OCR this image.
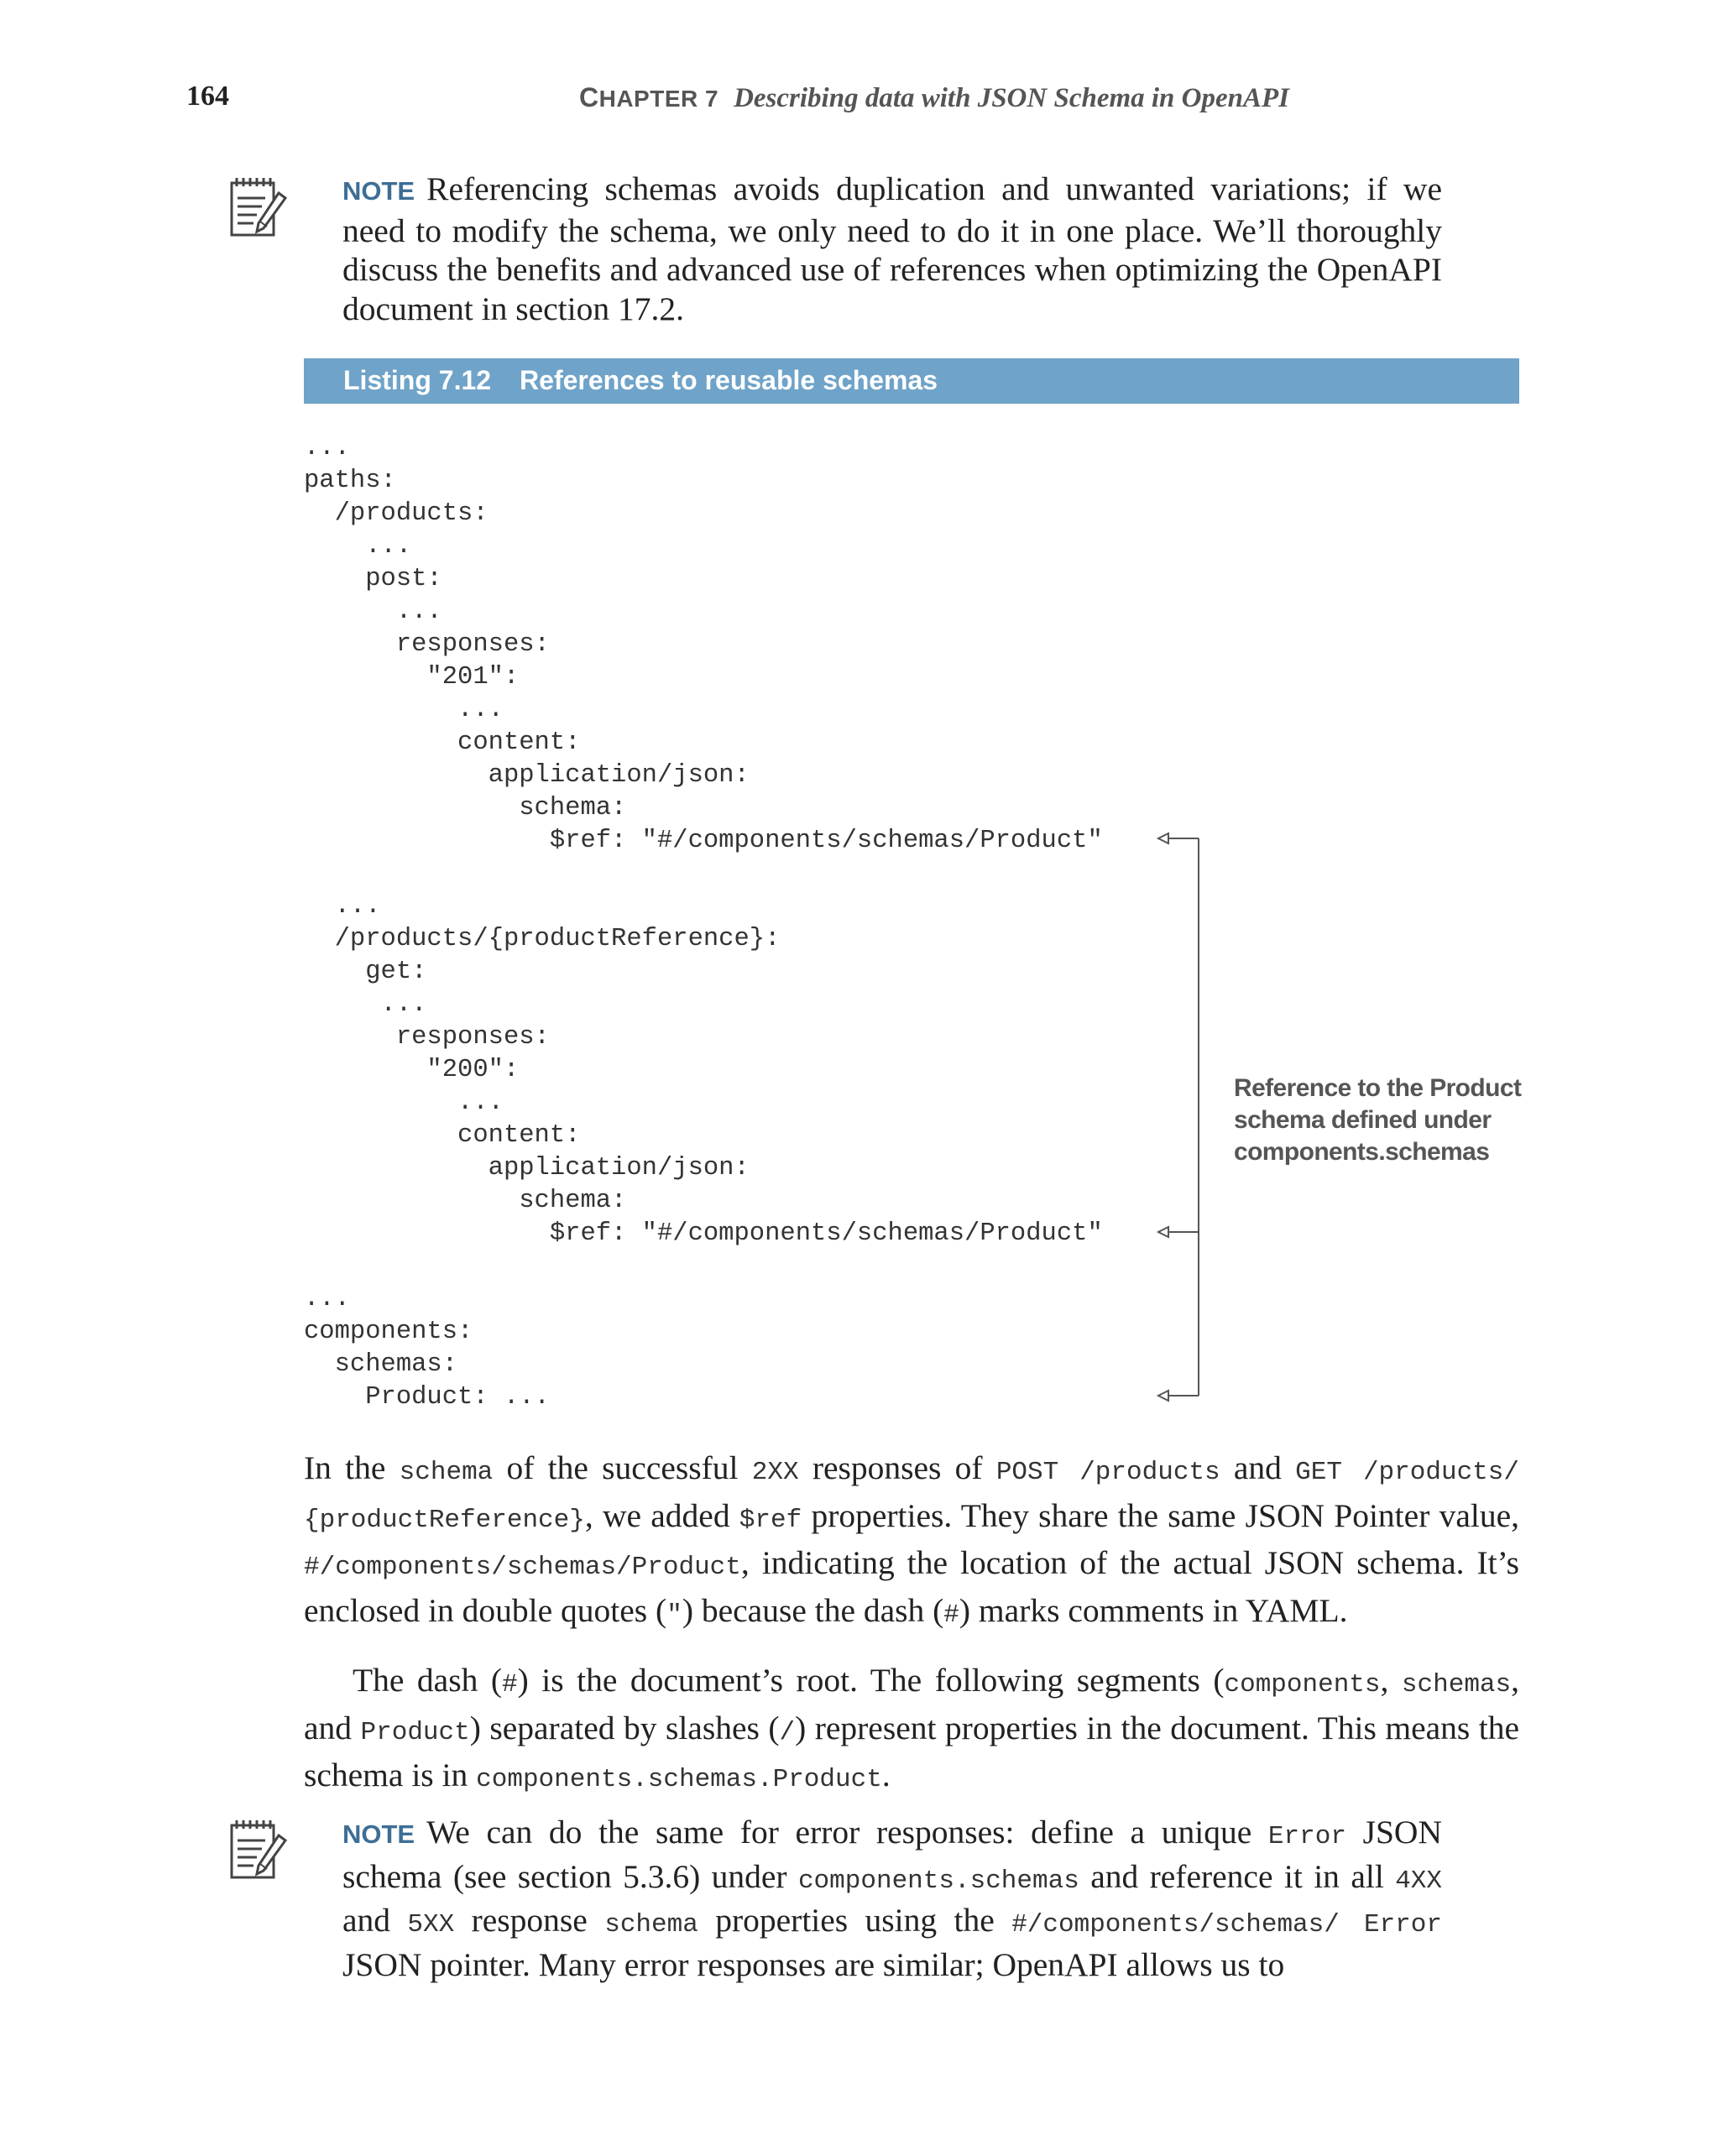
164	CHAPTER 7 Describing data with JSON Schema in OpenAPI
NOTE Referencing schemas avoids duplication and unwanted variations; if we need to modify the schema, we only need to do it in one place. We’ll thoroughly discuss the benefits and advanced use of references when optimizing the OpenAPI document in section 17.2.
Listing 7.12 References to reusable schemas
...
paths:
/products:
...
post:
...
responses:
"201":
...
content:
application/json:
schema:
$ref: "#/components/schemas/Product"
...
/products/{productReference}:
get:
...
responses:
"200":
...
content:
application/json:
schema:
$ref: "#/components/schemas/Product"
...
components:
schemas:
Product: ...
Reference to the Product
schema defined under
components.schemas
In the schema of the successful 2XX responses of POST /products and GET /products/ {productReference}, we added $ref properties. They share the same JSON Pointer value, #/components/schemas/Product, indicating the location of the actual JSON schema. It’s enclosed in double quotes (") because the dash (#) marks comments in YAML.
The dash (#) is the document’s root. The following segments (components, schemas, and Product) separated by slashes (/) represent properties in the document. This means the schema is in components.schemas.Product.
NOTE We can do the same for error responses: define a unique Error JSON schema (see section 5.3.6) under components.schemas and reference it in all 4XX and 5XX response schema properties using the #/components/schemas/ Error JSON pointer. Many error responses are similar; OpenAPI allows us to
